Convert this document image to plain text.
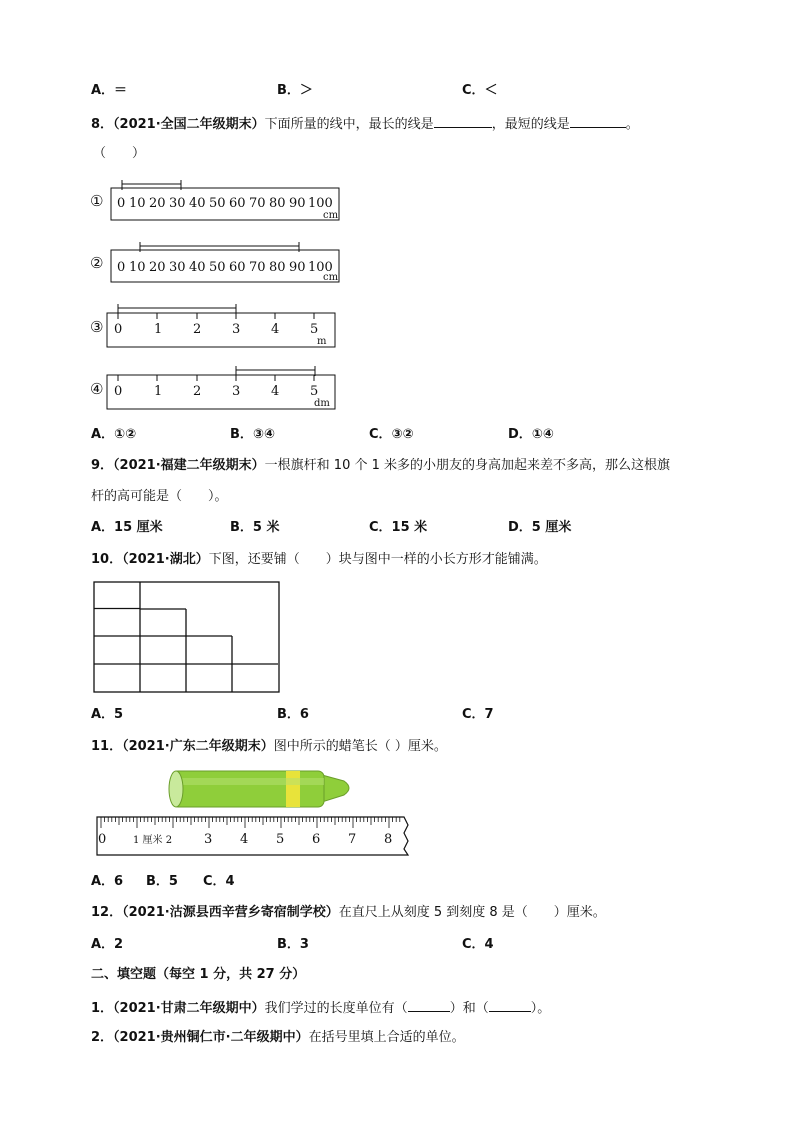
A．＝	B．＞	C．＜
8．（2021·全国二年级期末）下面所量的线中，最长的线是	，最短的线是	。
（　　）
① 0 10 20 30 40 50 60 70 80 90 100
cm
② 0 10 20 30 40 50 60 70 80 90 100
cm
③ 0 1 2 3 4 5
m
④ 0 1 2 3 4 5
dm
A．①②	B．③④	C．③②	D．①④
9．（2021·福建二年级期末）一根旗杆和 10 个 1 米多的小朋友的身高加起来差不多高，那么这根旗
杆的高可能是（　　）。
A．15 厘米	B．5 米	C．15 米	D．5 厘米
10．（2021·湖北）下图，还要铺（　　）块与图中一样的小长方形才能铺满。
A．5	B．6	C．7
11．（2021·广东二年级期末）图中所示的蜡笔长（ ）厘米。
0	1 厘米 2 3 4 5 6 7 8
A．6 B．5 C．4
12．（2021·沽源县西辛营乡寄宿制学校）在直尺上从刻度 5 到刻度 8 是（　　）厘米。
A．2	B．3	C．4
二、填空题（每空 1 分，共 27 分）
1．（2021·甘肃二年级期中）我们学过的长度单位有（	）和（	）。
2．（2021·贵州铜仁市·二年级期中）在括号里填上合适的单位。
